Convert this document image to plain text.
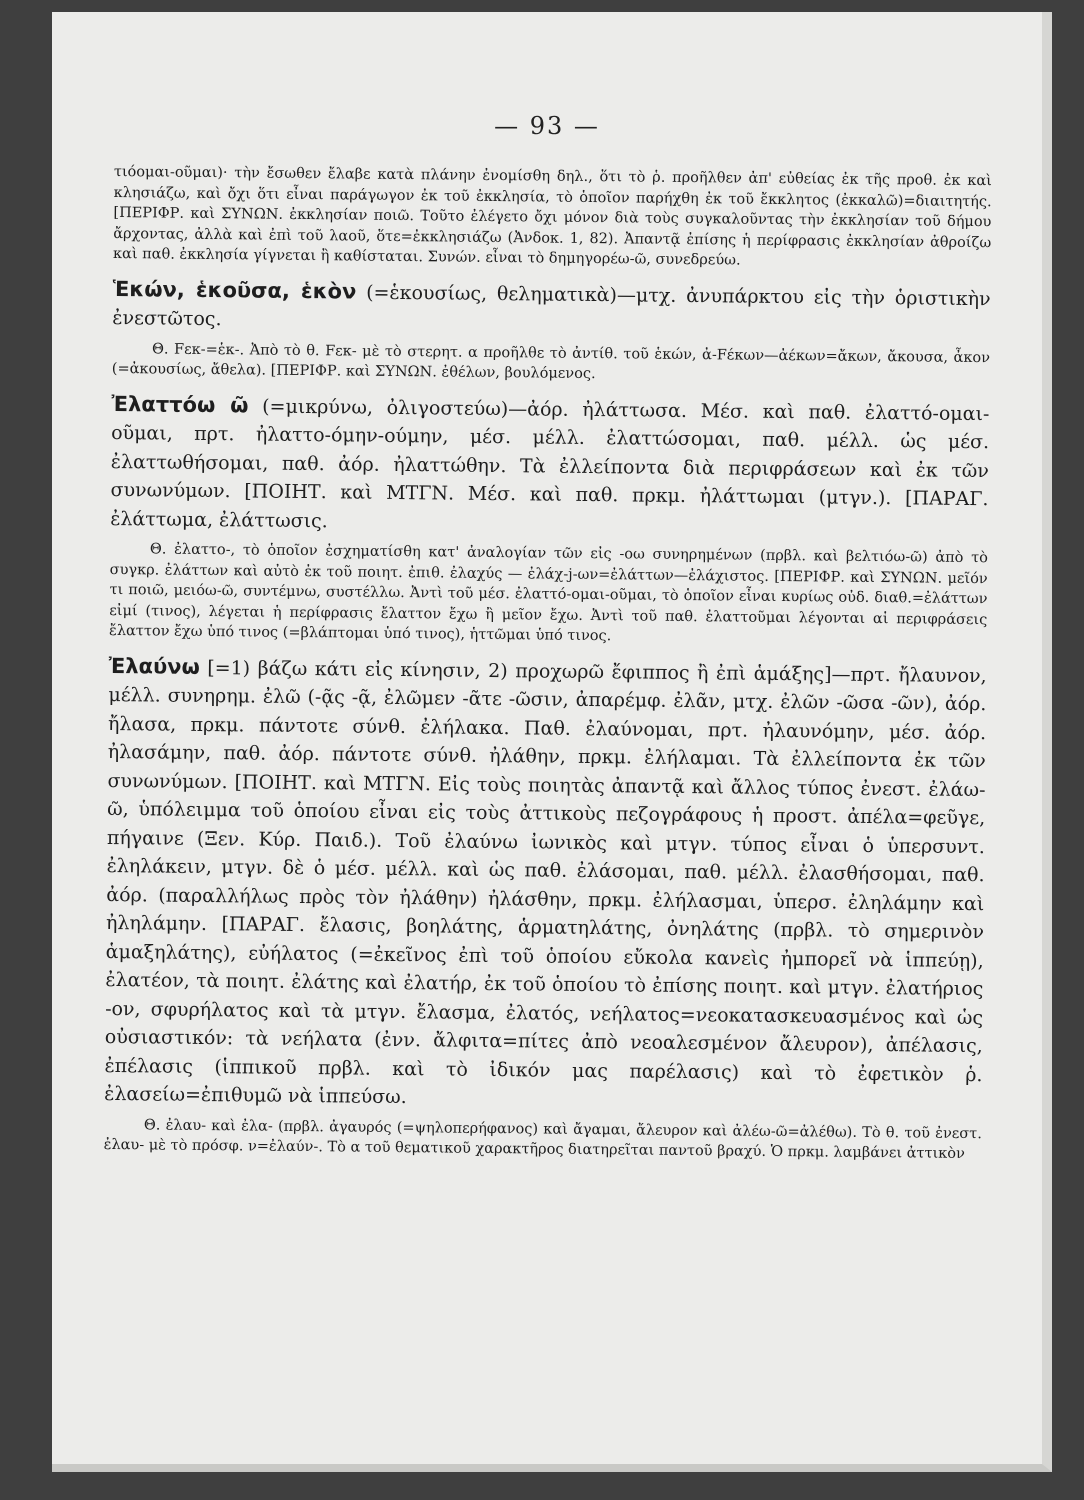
— 93 —

τιόομαι-οῦμαι)· τὴν ἔσωθεν ἔλαβε κατὰ πλάνην ἐνομίσθη δηλ., ὅτι τὸ ῥ. προῆλθεν ἀπ' εὐθείας ἐκ τῆς προθ. ἐκ καὶ κλησιάζω, καὶ ὄχι ὅτι εἶναι παράγωγον ἐκ τοῦ ἐκκλησία, τὸ ὁποῖον παρήχθη ἐκ τοῦ ἔκκλητος (ἐκκαλῶ)=διαιτητής. [ΠΕΡΙΦΡ. καὶ ΣΥΝΩΝ. ἐκκλησίαν ποιῶ. Τοῦτο ἐλέγετο ὄχι μόνον διὰ τοὺς συγκαλοῦντας τὴν ἐκκλησίαν τοῦ δήμου ἄρχοντας, ἀλλὰ καὶ ἐπὶ τοῦ λαοῦ, ὅτε=ἐκκλησιάζω (Ἀνδοκ. 1, 82). Ἀπαντᾷ ἐπίσης ἡ περίφρασις ἐκκλησίαν ἀθροίζω καὶ παθ. ἐκκλησία γίγνεται ἢ καθίσταται. Συνών. εἶναι τὸ δημηγορέω-ῶ, συνεδρεύω.

Ἑκών, ἑκοῦσα, ἑκὸν (=ἑκουσίως, θεληματικὰ)—μτχ. ἀνυπάρκτου εἰς τὴν ὁριστικὴν ἐνεστῶτος.

Θ. Fεκ-=ἑκ-. Ἀπὸ τὸ θ. Fεκ- μὲ τὸ στερητ. α προῆλθε τὸ ἀντίθ. τοῦ ἑκών, ἀ-Fέκων—ἀέκων=ἄκων, ἄκουσα, ἆκον (=ἀκουσίως, ἄθελα). [ΠΕΡΙΦΡ. καὶ ΣΥΝΩΝ. ἐθέλων, βουλόμενος.

Ἐλαττόω ῶ (=μικρύνω, ὀλιγοστεύω)—ἀόρ. ἠλάττωσα. Μέσ. καὶ παθ. ἐλαττό-ομαι-οῦμαι, πρτ. ἠλαττο-όμην-ούμην, μέσ. μέλλ. ἐλαττώσομαι, παθ. μέλλ. ὡς μέσ. ἐλαττωθήσομαι, παθ. ἀόρ. ἠλαττώθην. Τὰ ἐλλείποντα διὰ περιφράσεων καὶ ἐκ τῶν συνωνύμων. [ΠΟΙΗΤ. καὶ ΜΤΓΝ. Μέσ. καὶ παθ. πρκμ. ἠλάττωμαι (μτγν.). [ΠΑΡΑΓ. ἐλάττωμα, ἐλάττωσις.

Θ. ἐλαττο-, τὸ ὁποῖον ἐσχηματίσθη κατ' ἀναλογίαν τῶν εἰς -οω συνηρημένων (πρβλ. καὶ βελτιόω-ῶ) ἀπὸ τὸ συγκρ. ἐλάττων καὶ αὐτὸ ἐκ τοῦ ποιητ. ἐπιθ. ἐλαχύς — ἐλάχ-j-ων=ἐλάττων—ἐλάχιστος. [ΠΕΡΙΦΡ. καὶ ΣΥΝΩΝ. μεῖόν τι ποιῶ, μειόω-ῶ, συντέμνω, συστέλλω. Ἀντὶ τοῦ μέσ. ἐλαττό-ομαι-οῦμαι, τὸ ὁποῖον εἶναι κυρίως οὐδ. διαθ.=ἐλάττων εἰμί (τινος), λέγεται ἡ περίφρασις ἔλαττον ἔχω ἢ μεῖον ἔχω. Ἀντὶ τοῦ παθ. ἐλαττοῦμαι λέγονται αἱ περιφράσεις ἔλαττον ἔχω ὑπό τινος (=βλάπτομαι ὑπό τινος), ἡττῶμαι ὑπό τινος.

Ἐλαύνω [=1) βάζω κάτι εἰς κίνησιν, 2) προχωρῶ ἔφιππος ἢ ἐπὶ ἁμάξης]—πρτ. ἤλαυνον, μέλλ. συνηρημ. ἐλῶ (-ᾷς -ᾷ, ἐλῶμεν -ᾶτε -ῶσιν, ἀπαρέμφ. ἐλᾶν, μτχ. ἐλῶν -ῶσα -ῶν), ἀόρ. ἤλασα, πρκμ. πάντοτε σύνθ. ἐλήλακα. Παθ. ἐλαύνομαι, πρτ. ἠλαυνόμην, μέσ. ἀόρ. ἠλασάμην, παθ. ἀόρ. πάντοτε σύνθ. ἠλάθην, πρκμ. ἐλήλαμαι. Τὰ ἐλλείποντα ἐκ τῶν συνωνύμων. [ΠΟΙΗΤ. καὶ ΜΤΓΝ. Εἰς τοὺς ποιητὰς ἀπαντᾷ καὶ ἄλλος τύπος ἐνεστ. ἐλάω-ῶ, ὑπόλειμμα τοῦ ὁποίου εἶναι εἰς τοὺς ἀττικοὺς πεζογράφους ἡ προστ. ἀπέλα=φεῦγε, πήγαινε (Ξεν. Κύρ. Παιδ.). Τοῦ ἐλαύνω ἰωνικὸς καὶ μτγν. τύπος εἶναι ὁ ὑπερσυντ. ἐληλάκειν, μτγν. δὲ ὁ μέσ. μέλλ. καὶ ὡς παθ. ἐλάσομαι, παθ. μέλλ. ἐλασθήσομαι, παθ. ἀόρ. (παραλλήλως πρὸς τὸν ἠλάθην) ἠλάσθην, πρκμ. ἐλήλασμαι, ὑπερσ. ἐληλάμην καὶ ἠληλάμην. [ΠΑΡΑΓ. ἔλασις, βοηλάτης, ἁρματηλάτης, ὀνηλάτης (πρβλ. τὸ σημερινὸν ἁμαξηλάτης), εὐήλατος (=ἐκεῖνος ἐπὶ τοῦ ὁποίου εὔκολα κανεὶς ἠμπορεῖ νὰ ἱππεύῃ), ἐλατέον, τὰ ποιητ. ἐλάτης καὶ ἐλατήρ, ἐκ τοῦ ὁποίου τὸ ἐπίσης ποιητ. καὶ μτγν. ἐλατήριος -ον, σφυρήλατος καὶ τὰ μτγν. ἔλασμα, ἐλατός, νεήλατος=νεοκατασκευασμένος καὶ ὡς οὐσιαστικόν: τὰ νεήλατα (ἐνν. ἄλφιτα=πίτες ἀπὸ νεοαλεσμένον ἄλευρον), ἀπέλασις, ἐπέλασις (ἱππικοῦ πρβλ. καὶ τὸ ἰδικόν μας παρέλασις) καὶ τὸ ἐφετικὸν ῥ. ἐλασείω=ἐπιθυμῶ νὰ ἱππεύσω.

Θ. ἐλαυ- καὶ ἐλα- (πρβλ. ἀγαυρός (=ψηλοπερήφανος) καὶ ἄγαμαι, ἄλευρον καὶ ἀλέω-ῶ=ἀλέθω). Τὸ θ. τοῦ ἐνεστ. ἐλαυ- μὲ τὸ πρόσφ. ν=ἐλαύν-. Τὸ α τοῦ θεματικοῦ χαρακτῆρος διατηρεῖται παντοῦ βραχύ. Ὁ πρκμ. λαμβάνει ἀττικὸν
